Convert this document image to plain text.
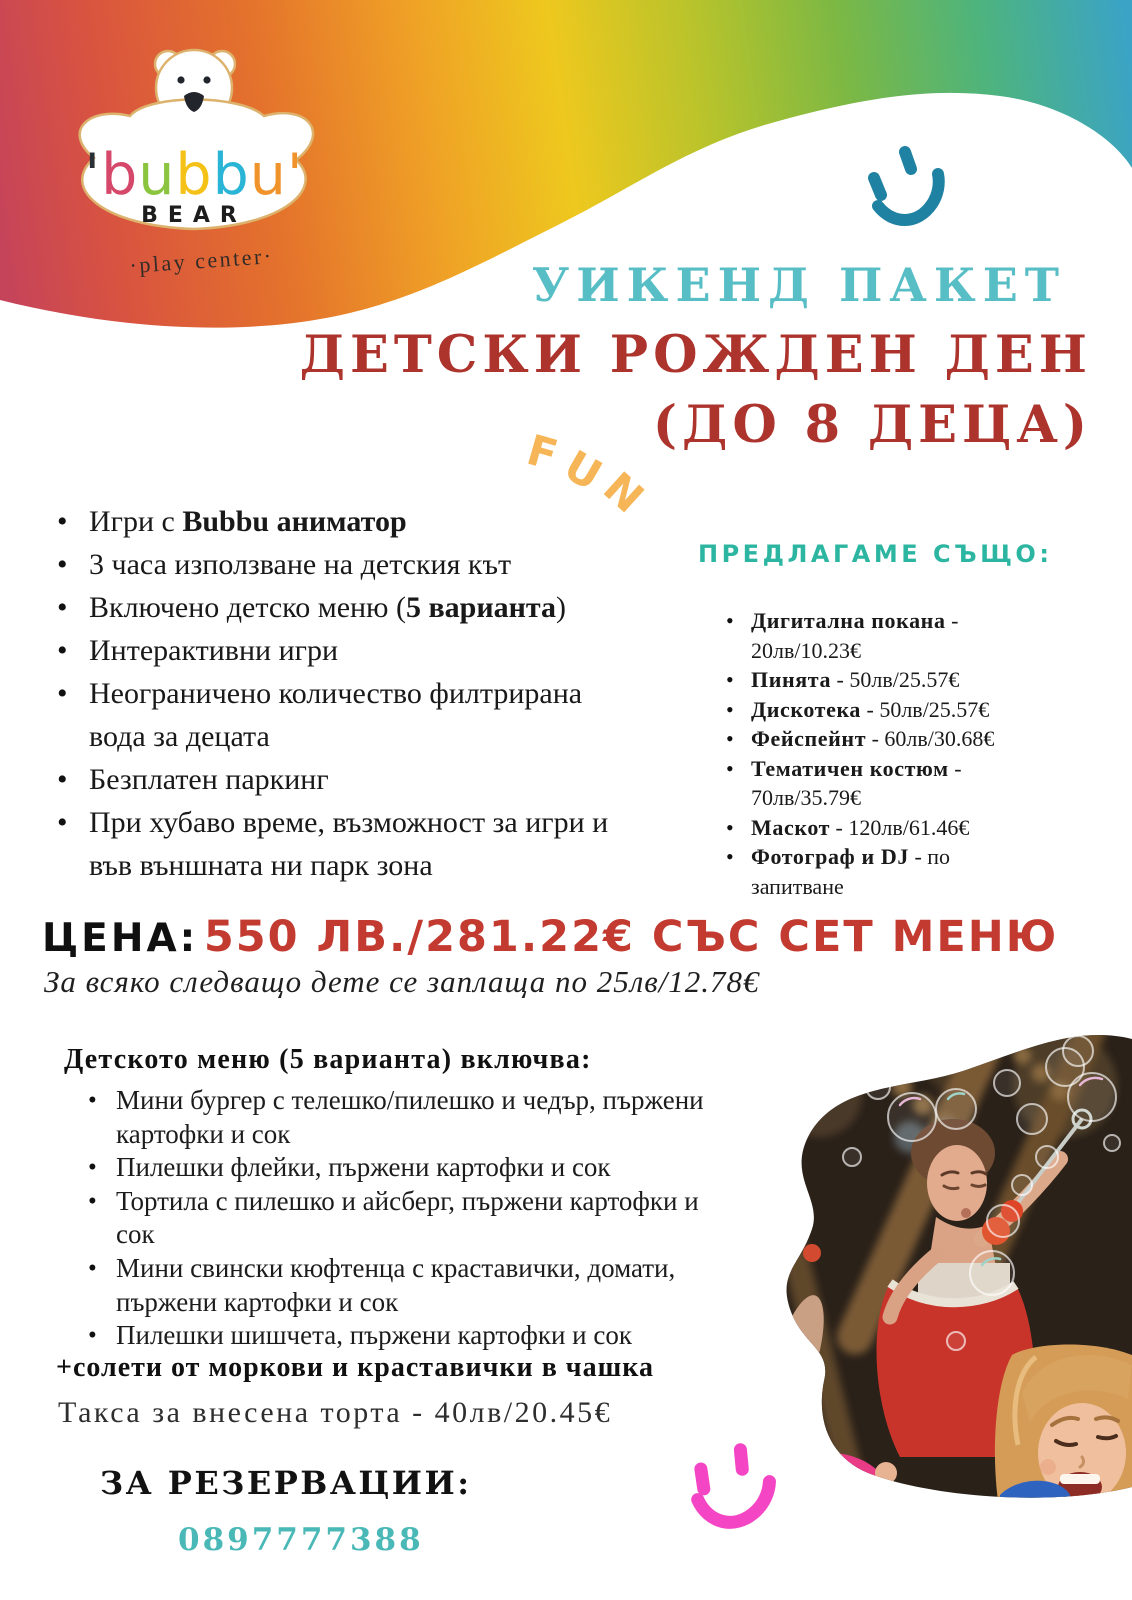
'bubbu'
BEAR
·play center·	УИКЕНД ПАКЕТ
ДЕТСКИ РОЖДЕН ДЕН
(ДО 8 ДЕЦА)
F
U
N
• Игри с Bubbu аниматор
• 3 часа използване на детския кът
• Включено детско меню (5 варианта)
• Интерактивни игри
• Неограничено количество филтрирана вода за децата
• Безплатен паркинг
• При хубаво време, възможност за игри и във външната ни парк зона
ПРЕДЛАГАМЕ СЪЩО:
• Дигитална покана - 20лв/10.23€
• Пинята - 50лв/25.57€
• Дискотека - 50лв/25.57€
• Фейспейнт - 60лв/30.68€
• Тематичен костюм - 70лв/35.79€
• Маскот - 120лв/61.46€
• Фотограф и DJ - по запитване
ЦЕНА: 550 ЛВ./281.22€ СЪС СЕТ МЕНЮ
За всяко следващо дете се заплаща по 25лв/12.78€
Детското меню (5 варианта) включва:
• Мини бургер с телешко/пилешко и чедър, пържени картофки и сок
• Пилешки флейки, пържени картофки и сок
• Тортила с пилешко и айсберг, пържени картофки и сок
• Мини свински кюфтенца с краставички, домати, пържени картофки и сок
• Пилешки шишчета, пържени картофки и сок
+солети от моркови и краставички в чашка
Такса за внесена торта - 40лв/20.45€
ЗА РЕЗЕРВАЦИИ:
0897777388
